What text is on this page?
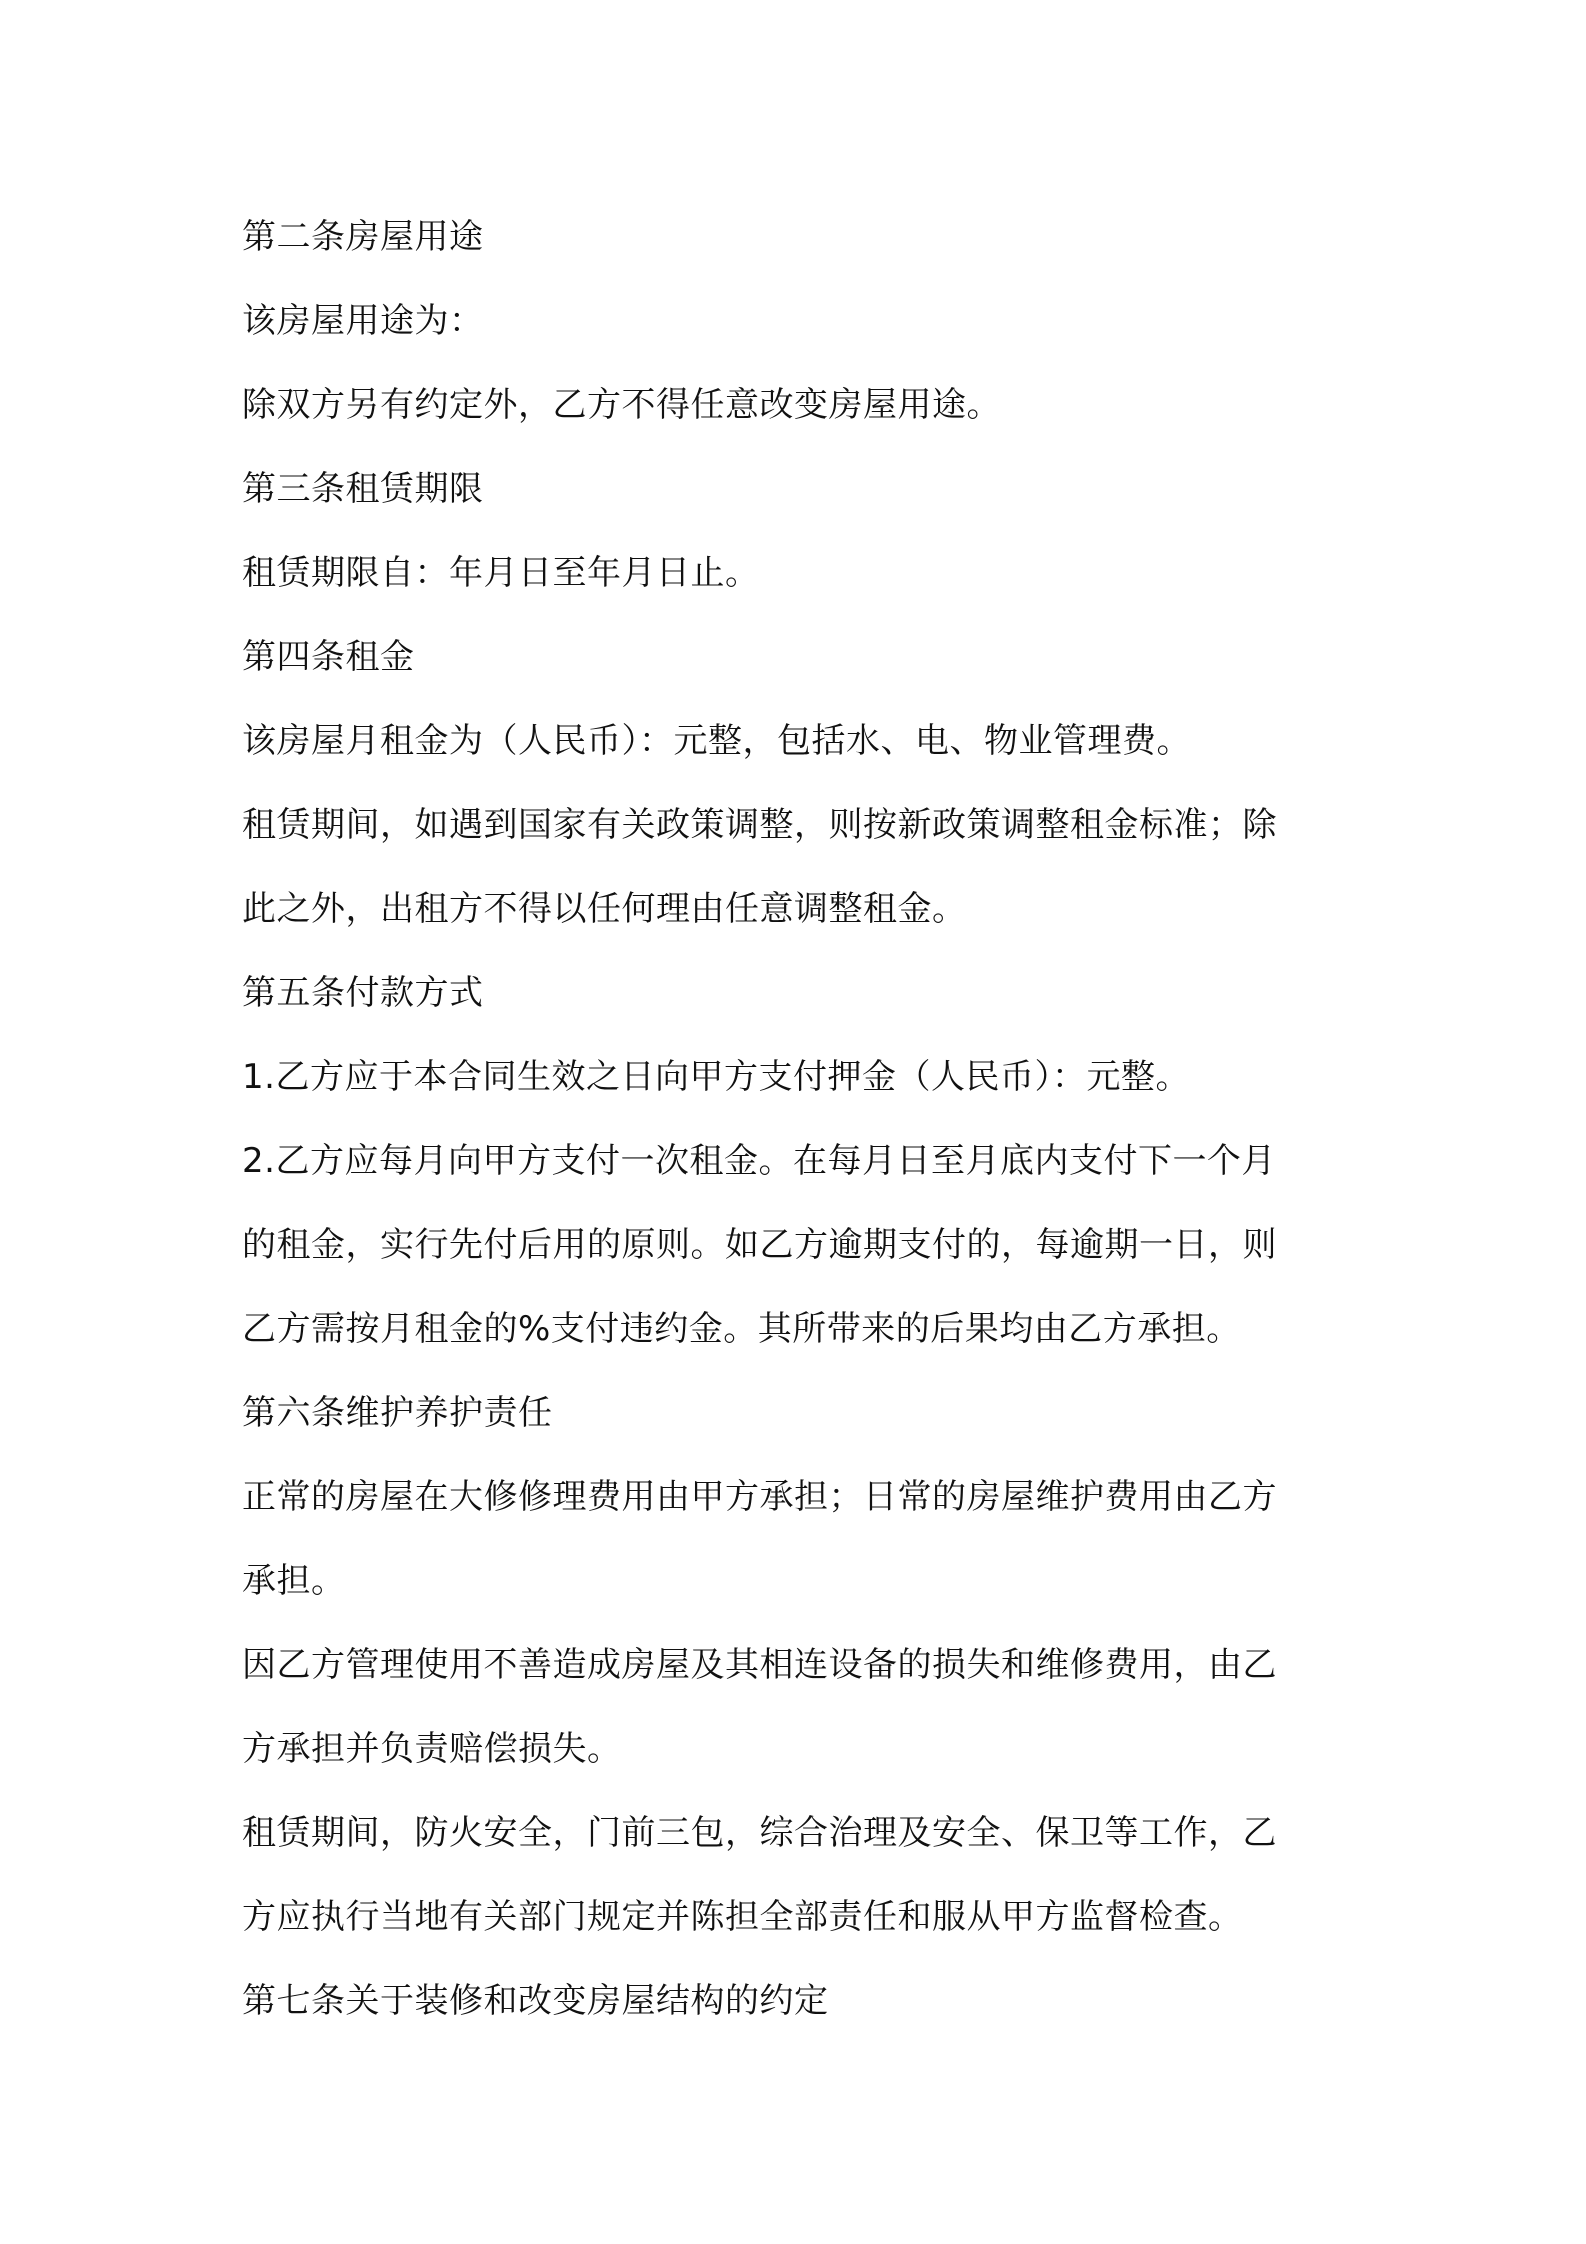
第二条房屋用途
该房屋用途为：
除双方另有约定外，乙方不得任意改变房屋用途。
第三条租赁期限
租赁期限自：年月日至年月日止。
第四条租金
该房屋月租金为（人民币）：元整，包括水、电、物业管理费。
租赁期间，如遇到国家有关政策调整，则按新政策调整租金标准；除
此之外，出租方不得以任何理由任意调整租金。
第五条付款方式
1.乙方应于本合同生效之日向甲方支付押金（人民币）：元整。
2.乙方应每月向甲方支付一次租金。在每月日至月底内支付下一个月
的租金，实行先付后用的原则。如乙方逾期支付的，每逾期一日，则
乙方需按月租金的%支付违约金。其所带来的后果均由乙方承担。
第六条维护养护责任
正常的房屋在大修修理费用由甲方承担；日常的房屋维护费用由乙方
承担。
因乙方管理使用不善造成房屋及其相连设备的损失和维修费用，由乙
方承担并负责赔偿损失。
租赁期间，防火安全，门前三包，综合治理及安全、保卫等工作，乙
方应执行当地有关部门规定并陈担全部责任和服从甲方监督检查。
第七条关于装修和改变房屋结构的约定
